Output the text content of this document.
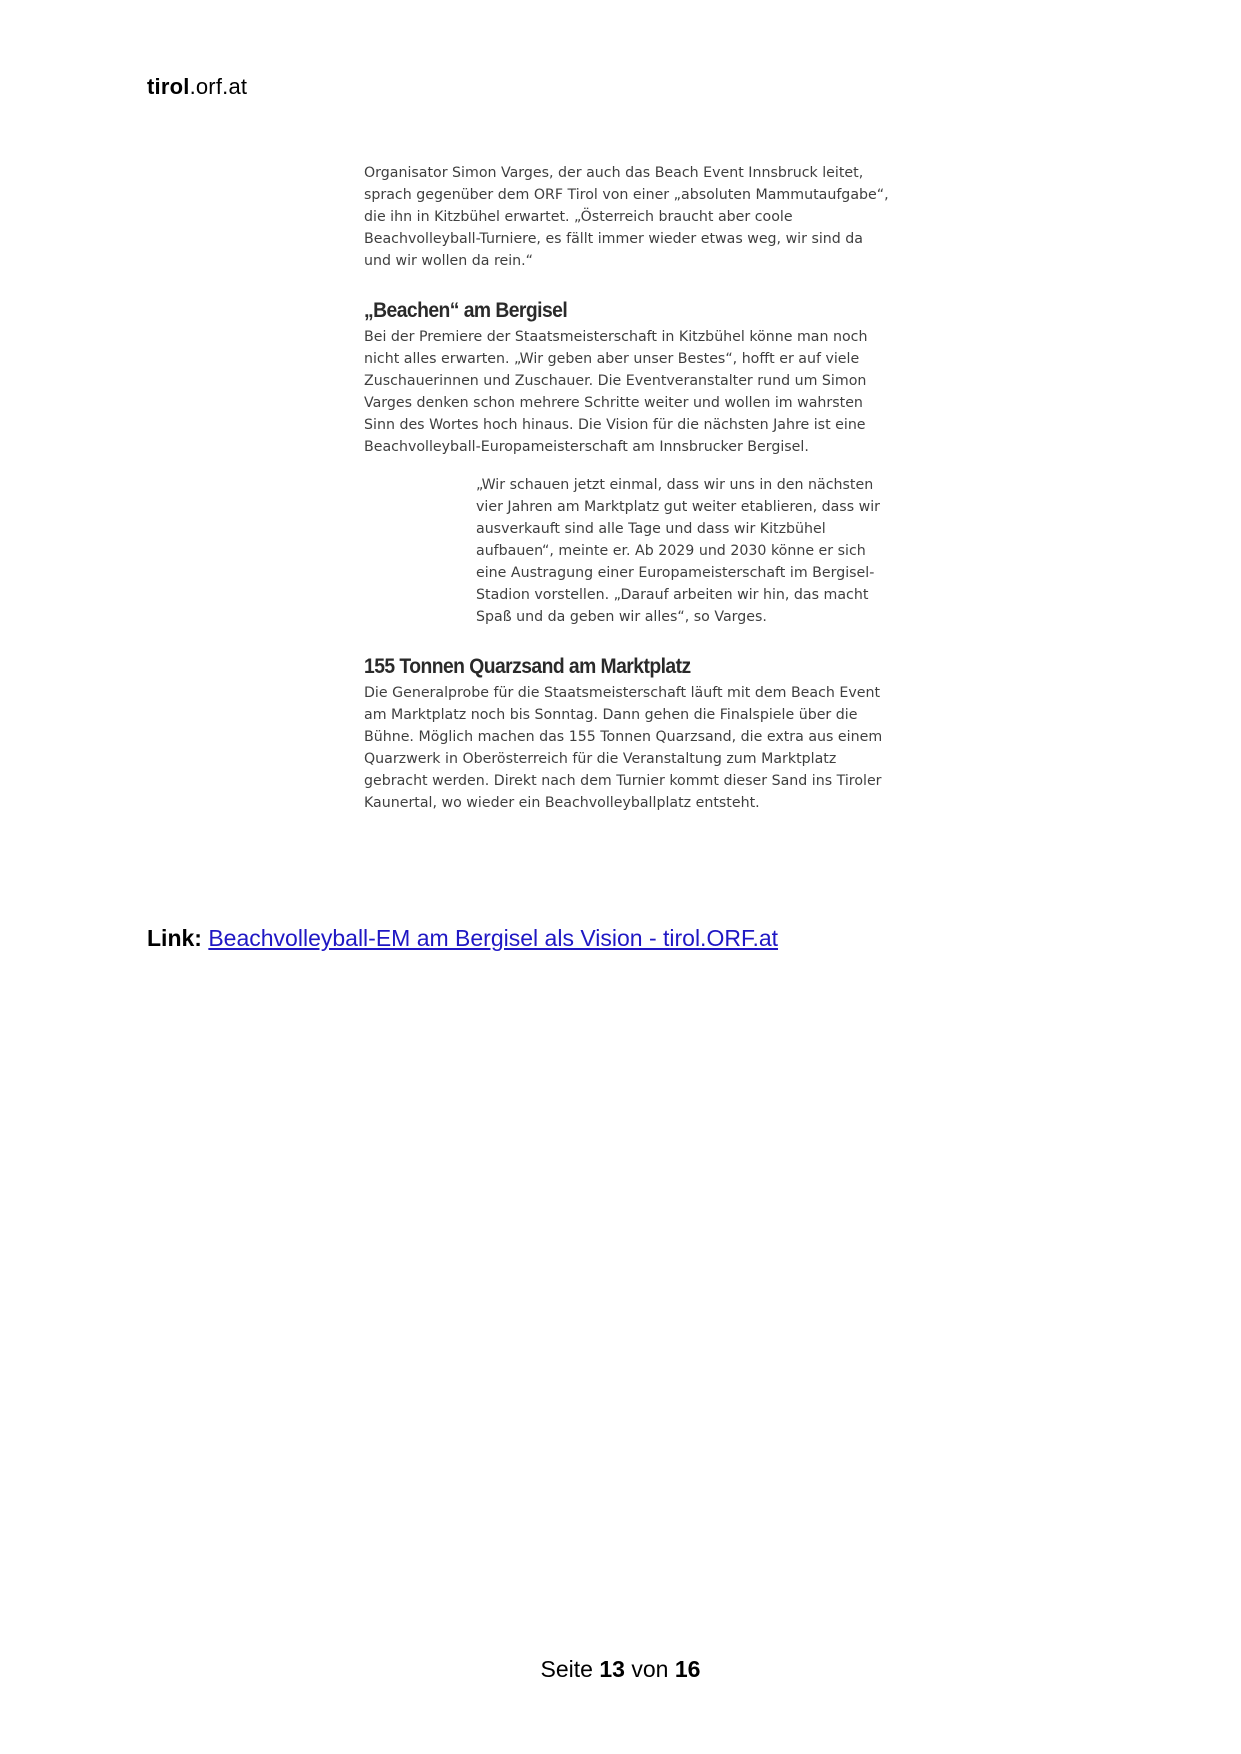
tirol.orf.at

Organisator Simon Varges, der auch das Beach Event Innsbruck leitet, sprach gegenüber dem ORF Tirol von einer „absoluten Mammutaufgabe“, die ihn in Kitzbühel erwartet. „Österreich braucht aber coole Beachvolleyball-Turniere, es fällt immer wieder etwas weg, wir sind da und wir wollen da rein.“

„Beachen“ am Bergisel

Bei der Premiere der Staatsmeisterschaft in Kitzbühel könne man noch nicht alles erwarten. „Wir geben aber unser Bestes“, hofft er auf viele Zuschauerinnen und Zuschauer. Die Eventveranstalter rund um Simon Varges denken schon mehrere Schritte weiter und wollen im wahrsten Sinn des Wortes hoch hinaus. Die Vision für die nächsten Jahre ist eine Beachvolleyball-Europameisterschaft am Innsbrucker Bergisel.

„Wir schauen jetzt einmal, dass wir uns in den nächsten vier Jahren am Marktplatz gut weiter etablieren, dass wir ausverkauft sind alle Tage und dass wir Kitzbühel aufbauen“, meinte er. Ab 2029 und 2030 könne er sich eine Austragung einer Europameisterschaft im Bergisel-Stadion vorstellen. „Darauf arbeiten wir hin, das macht Spaß und da geben wir alles“, so Varges.

155 Tonnen Quarzsand am Marktplatz

Die Generalprobe für die Staatsmeisterschaft läuft mit dem Beach Event am Marktplatz noch bis Sonntag. Dann gehen die Finalspiele über die Bühne. Möglich machen das 155 Tonnen Quarzsand, die extra aus einem Quarzwerk in Oberösterreich für die Veranstaltung zum Marktplatz gebracht werden. Direkt nach dem Turnier kommt dieser Sand ins Tiroler Kaunertal, wo wieder ein Beachvolleyballplatz entsteht.

Link: Beachvolleyball-EM am Bergisel als Vision - tirol.ORF.at
Seite 13 von 16
